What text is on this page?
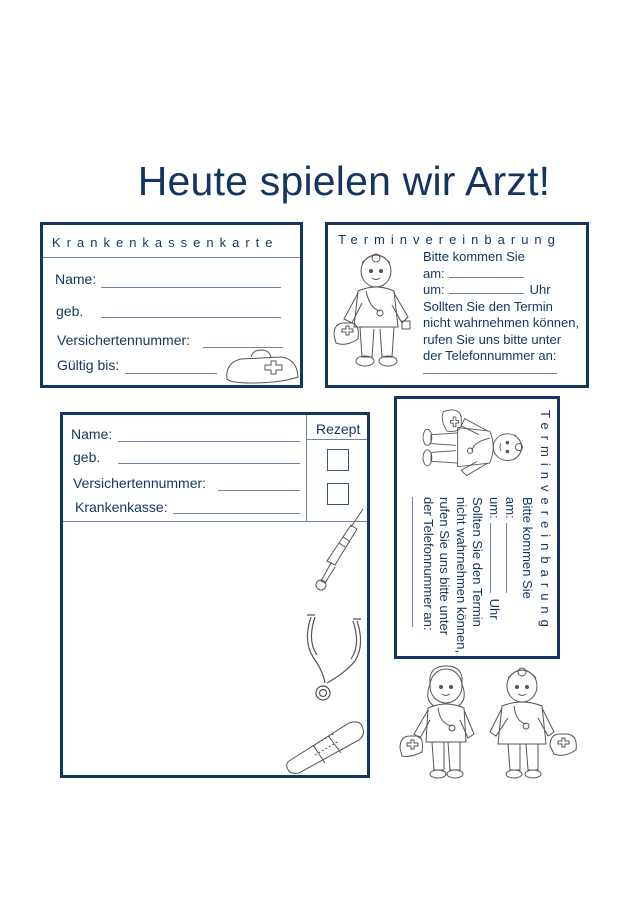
Heute spielen wir Arzt!
Krankenkassenkarte
Name:
geb.
Versichertennummer:
Gültig bis:
Terminvereinbarung
Bitte kommen Sie
am:
um:	Uhr
Sollten Sie den Termin
nicht wahrnehmen können,
rufen Sie uns bitte unter
der Telefonnummer an:
Rezept
Name:
geb.
Versichertennummer:
Krankenkasse:	Terminvereinbarung
Bitte kommen Sie
am:
um:Uhr
Sollten Sie den Termin
nicht wahrnehmen können,
rufen Sie uns bitte unter
der Telefonnummer an:
